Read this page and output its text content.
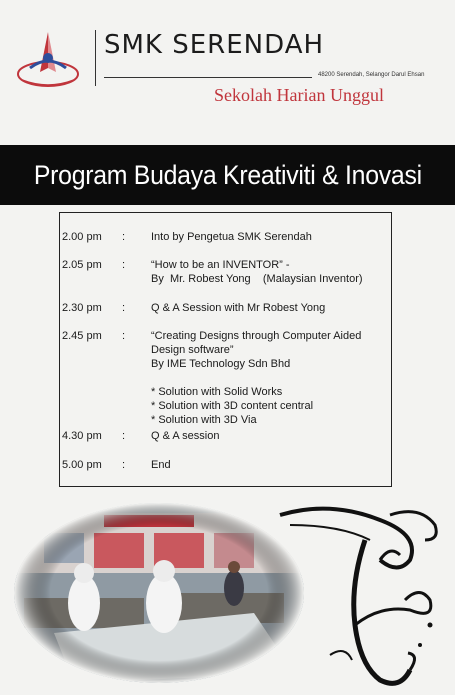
SMK SERENDAH
48200 Serendah, Selangor Darul Ehsan
Sekolah Harian Unggul
Program Budaya Kreativiti & Inovasi
2.00 pm	: Into by Pengetua SMK Serendah
2.05 pm	: “How to be an INVENTOR” -
By  Mr. Robest Yong    (Malaysian Inventor)
2.30 pm	: Q & A Session with Mr Robest Yong
2.45 pm	: “Creating Designs through Computer Aided
Design software”
By IME Technology Sdn Bhd

* Solution with Solid Works
* Solution with 3D content central
* Solution with 3D Via
4.30 pm	: Q & A session
5.00 pm	: End
